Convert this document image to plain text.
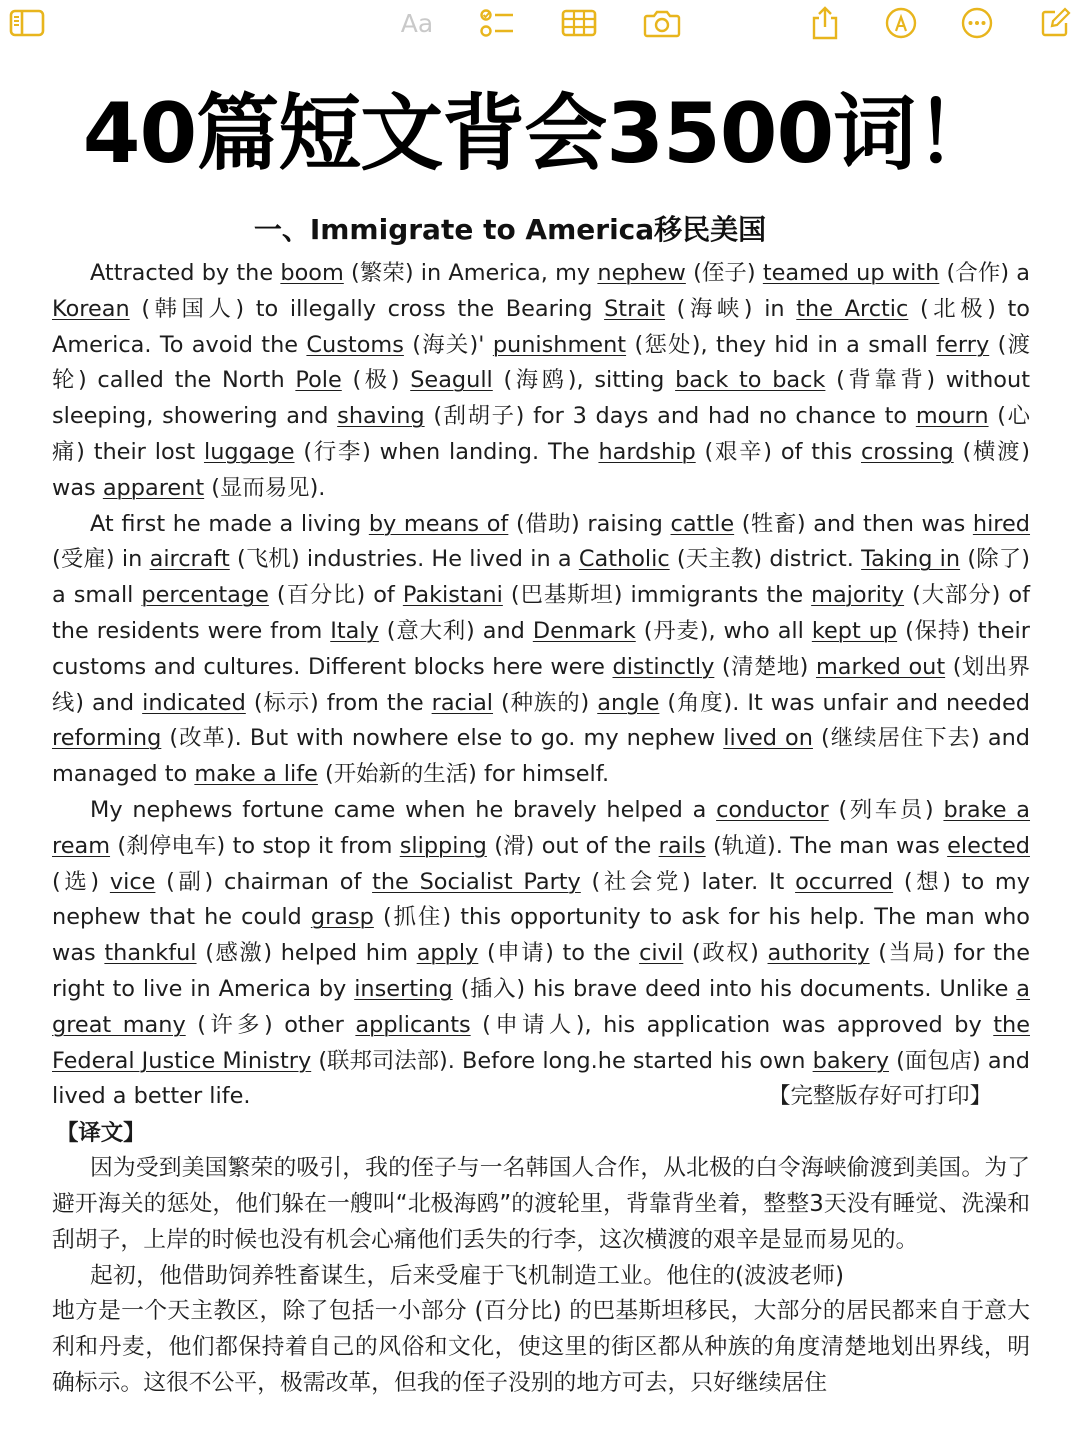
Aa
40篇短文背会3500词！
一、Immigrate to America移民美国

Attracted by the boom (繁荣) in America, my nephew (侄子) teamed up with (合作) a Korean (韩国人) to illegally cross the Bearing Strait (海峡) in the Arctic (北极) to America. To avoid the Customs (海关)' punishment (惩处), they hid in a small ferry (渡轮) called the North Pole (极) Seagull (海鸥), sitting back to back (背靠背) without sleeping, showering and shaving (刮胡子) for 3 days and had no chance to mourn (心痛) their lost luggage (行李) when landing. The hardship (艰辛) of this crossing (横渡) was apparent (显而易见).

At first he made a living by means of (借助) raising cattle (牲畜) and then was hired (受雇) in aircraft (飞机) industries. He lived in a Catholic (天主教) district. Taking in (除了) a small percentage (百分比) of Pakistani (巴基斯坦) immigrants the majority (大部分) of the residents were from Italy (意大利) and Denmark (丹麦), who all kept up (保持) their customs and cultures. Different blocks here were distinctly (清楚地) marked out (划出界线) and indicated (标示) from the racial (种族的) angle (角度). It was unfair and needed reforming (改革). But with nowhere else to go. my nephew lived on (继续居住下去) and managed to make a life (开始新的生活) for himself.

My nephews fortune came when he bravely helped a conductor (列车员) brake a ream (刹停电车) to stop it from slipping (滑) out of the rails (轨道). The man was elected (选) vice (副) chairman of the Socialist Party (社会党) later. It occurred (想) to my nephew that he could grasp (抓住) this opportunity to ask for his help. The man who was thankful (感激) helped him apply (申请) to the civil (政权) authority (当局) for the right to live in America by inserting (插入) his brave deed into his documents. Unlike a great many (许多) other applicants (申请人), his application was approved by the Federal Justice Ministry (联邦司法部). Before long.he started his own bakery (面包店) and lived a better life.	【完整版存好可打印】

【译文】

因为受到美国繁荣的吸引，我的侄子与一名韩国人合作，从北极的白令海峡偷渡到美国。为了避开海关的惩处，他们躲在一艘叫“北极海鸥”的渡轮里，背靠背坐着，整整3天没有睡觉、洗澡和刮胡子，上岸的时候也没有机会心痛他们丢失的行李，这次横渡的艰辛是显而易见的。
(波波老师)

起初，他借助饲养牲畜谋生，后来受雇于飞机制造工业。他住的地方是一个天主教区，除了包括一小部分 (百分比) 的巴基斯坦移民，大部分的居民都来自于意大利和丹麦，他们都保持着自己的风俗和文化，使这里的街区都从种族的角度清楚地划出界线，明确标示。这很不公平，极需改革，但我的侄子没别的地方可去，只好继续居住
